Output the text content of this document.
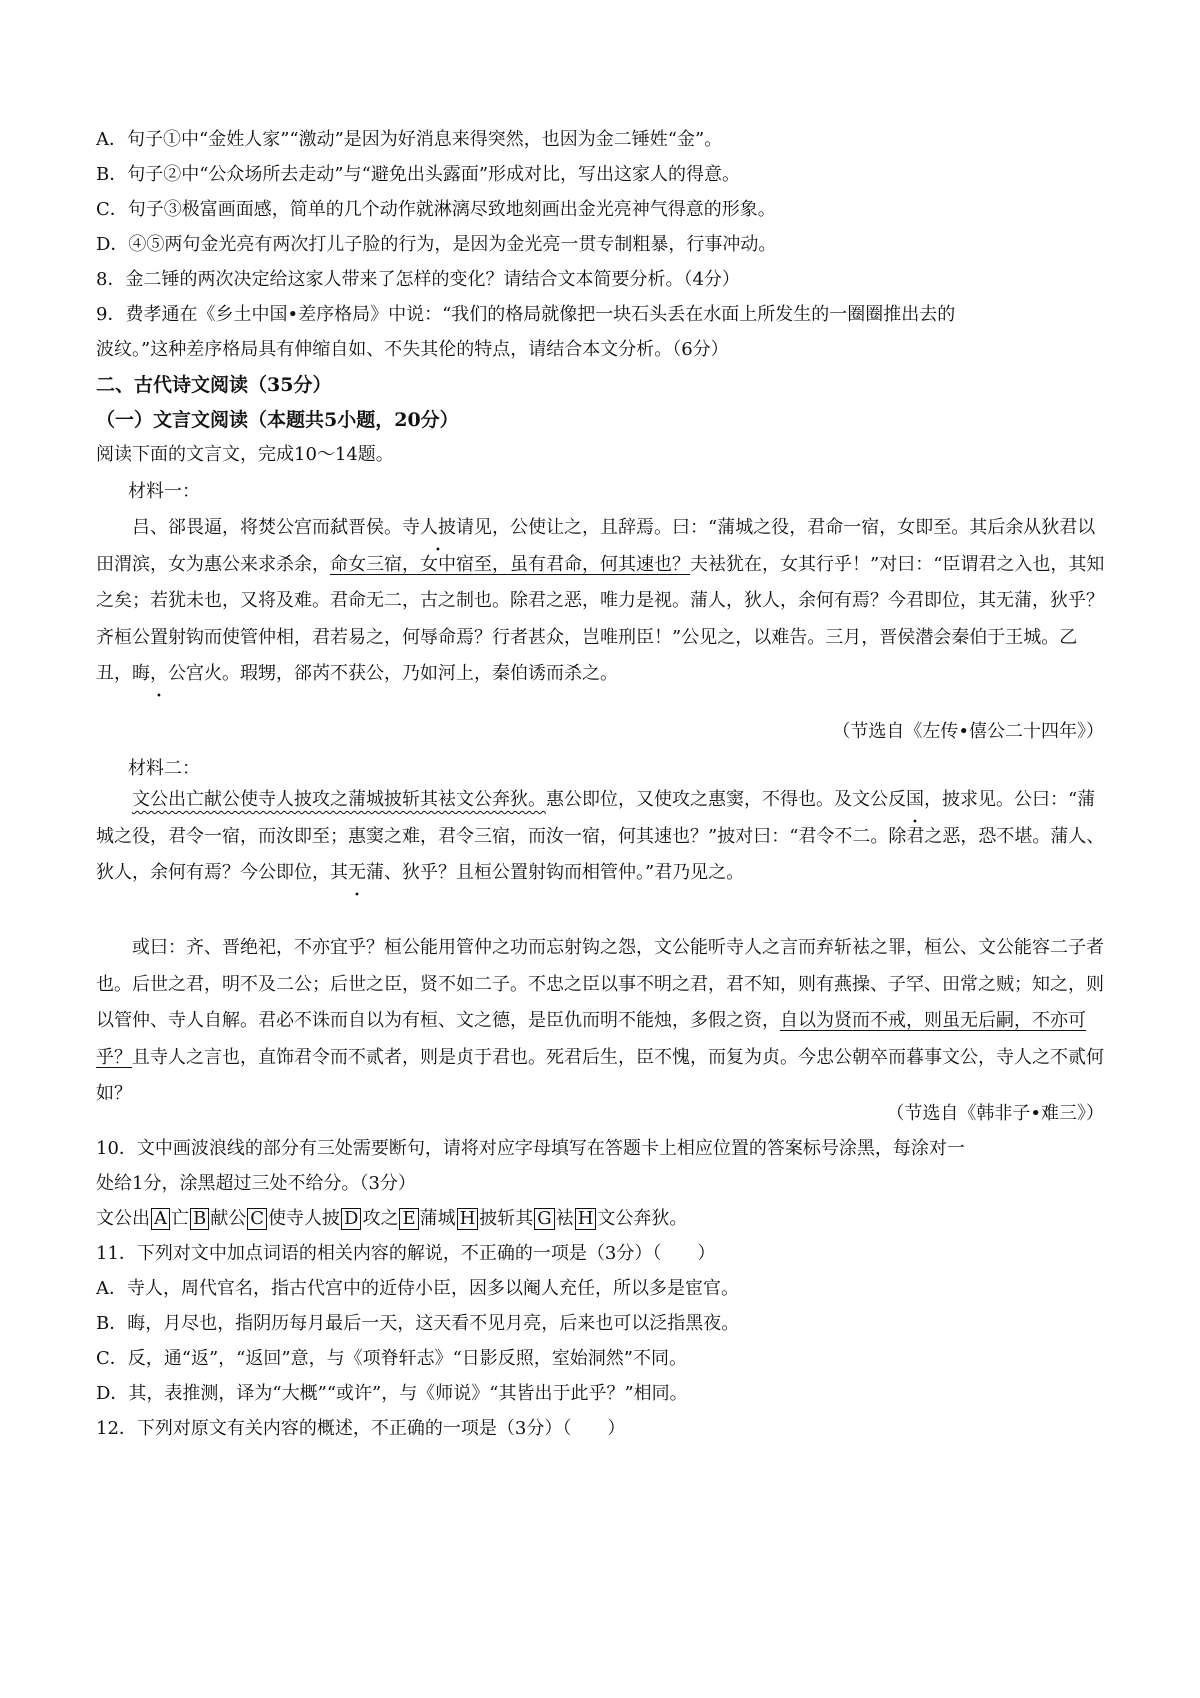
A．句子①中“金姓人家”“激动”是因为好消息来得突然，也因为金二锤姓“金”。
B．句子②中“公众场所去走动”与“避免出头露面”形成对比，写出这家人的得意。
C．句子③极富画面感，简单的几个动作就淋漓尽致地刻画出金光亮神气得意的形象。
D．④⑤两句金光亮有两次打儿子脸的行为，是因为金光亮一贯专制粗暴，行事冲动。
8．金二锤的两次决定给这家人带来了怎样的变化？请结合文本简要分析。（4分）
9．费孝通在《乡土中国•差序格局》中说：“我们的格局就像把一块石头丢在水面上所发生的一圈圈推出去的
波纹。”这种差序格局具有伸缩自如、不失其伦的特点，请结合本文分析。（6分）
二、古代诗文阅读（35分）
（一）文言文阅读（本题共5小题，20分）
阅读下面的文言文，完成10～14题。
材料一：
吕、郤畏逼，将焚公宫而弑晋侯。寺人披请见，公使让之，且辞焉。曰：“蒲城之役，君命一宿，女即至。其后余从狄君以田渭滨，女为惠公来求杀余，命女三宿，女中宿至，虽有君命，何其速也？夫袪犹在，女其行乎！”对曰：“臣谓君之入也，其知之矣；若犹未也，又将及难。君命无二，古之制也。除君之恶，唯力是视。蒲人，狄人，余何有焉？今君即位，其无蒲，狄乎？齐桓公置射钩而使管仲相，君若易之，何辱命焉？行者甚众，岂唯刑臣！”公见之，以难告。三月，晋侯潜会秦伯于王城。乙丑，晦，公宫火。瑕甥，郤芮不获公，乃如河上，秦伯诱而杀之。
（节选自《左传•僖公二十四年》）
材料二：
文公出亡献公使寺人披攻之蒲城披斩其袪文公奔狄。惠公即位，又使攻之惠窦，不得也。及文公反国，披求见。公曰：“蒲城之役，君令一宿，而汝即至；惠窦之难，君令三宿，而汝一宿，何其速也？”披对曰：“君令不二。除君之恶，恐不堪。蒲人、狄人，余何有焉？今公即位，其无蒲、狄乎？且桓公置射钩而相管仲。”君乃见之。
或曰：齐、晋绝祀，不亦宜乎？桓公能用管仲之功而忘射钩之怨，文公能听寺人之言而弃斩袪之罪，桓公、文公能容二子者也。后世之君，明不及二公；后世之臣，贤不如二子。不忠之臣以事不明之君，君不知，则有燕操、子罕、田常之贼；知之，则以管仲、寺人自解。君必不诛而自以为有桓、文之德，是臣仇而明不能烛，多假之资，自以为贤而不戒，则虽无后嗣，不亦可乎？且寺人之言也，直饰君令而不贰者，则是贞于君也。死君后生，臣不愧，而复为贞。今忠公朝卒而暮事文公，寺人之不贰何如？
（节选自《韩非子•难三》）
10．文中画波浪线的部分有三处需要断句，请将对应字母填写在答题卡上相应位置的答案标号涂黑，每涂对一
处给1分，涂黑超过三处不给分。（3分）
文公出 A 亡 B 献公 C 使寺人披 D 攻之 E 蒲城 H 披斩其 G 袪 H 文公奔狄。
11．下列对文中加点词语的相关内容的解说，不正确的一项是（3分）（　　）
A．寺人，周代官名，指古代宫中的近侍小臣，因多以阉人充任，所以多是宦官。
B．晦，月尽也，指阴历每月最后一天，这天看不见月亮，后来也可以泛指黑夜。
C．反，通“返”，“返回”意，与《项脊轩志》“日影反照，室始洞然”不同。
D．其，表推测，译为“大概”“或许”，与《师说》“其皆出于此乎？”相同。
12．下列对原文有关内容的概述，不正确的一项是（3分）（　　）
